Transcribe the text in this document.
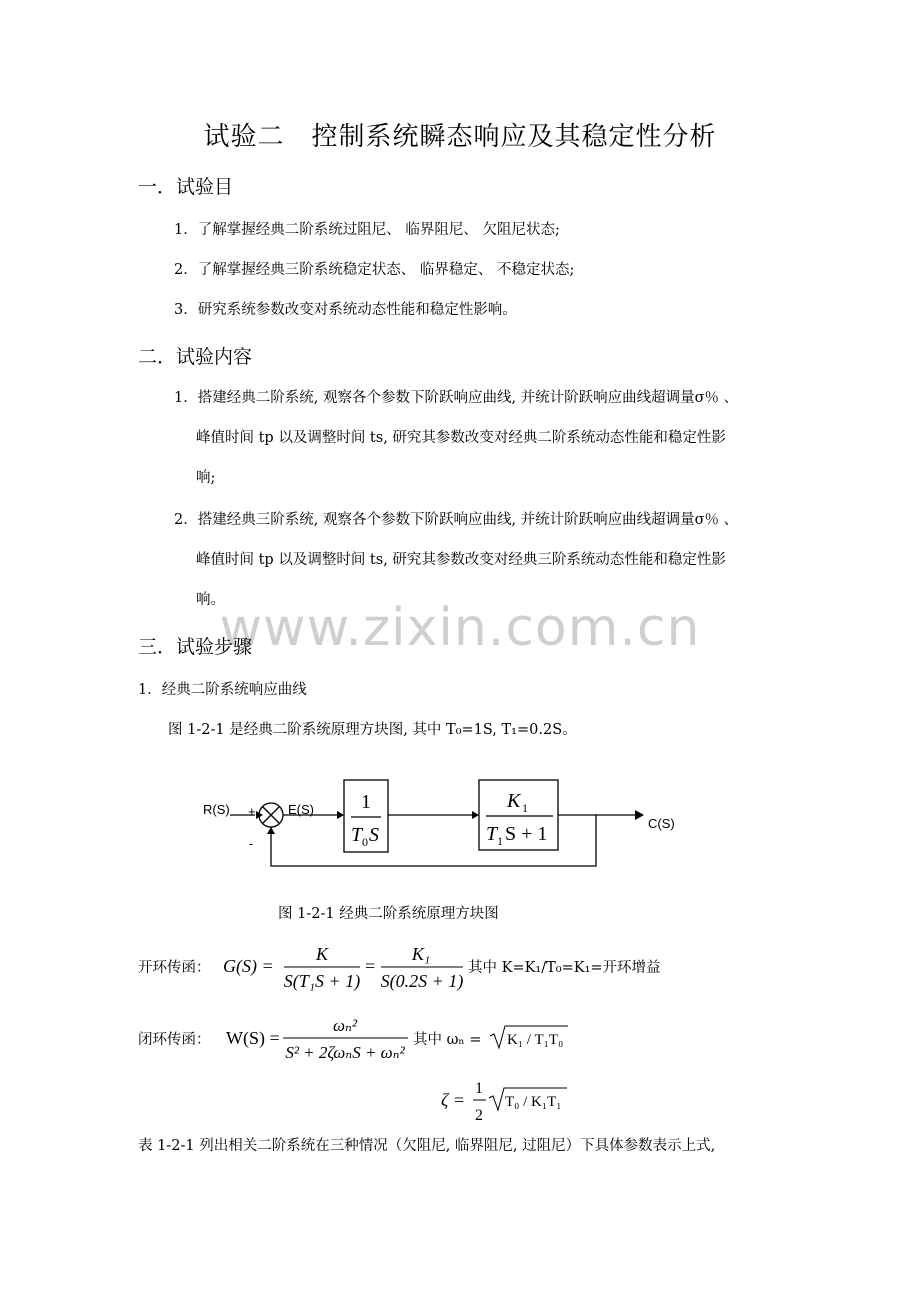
试验二　控制系统瞬态响应及其稳定性分析
一．试验目
1．了解掌握经典二阶系统过阻尼、 临界阻尼、 欠阻尼状态;
2．了解掌握经典三阶系统稳定状态、 临界稳定、 不稳定状态;
3．研究系统参数改变对系统动态性能和稳定性影响。
二．试验内容
1．搭建经典二阶系统, 观察各个参数下阶跃响应曲线, 并统计阶跃响应曲线超调量σ％ 、
峰值时间 tp 以及调整时间 ts, 研究其参数改变对经典二阶系统动态性能和稳定性影
响;
2．搭建经典三阶系统, 观察各个参数下阶跃响应曲线, 并统计阶跃响应曲线超调量σ％ 、
峰值时间 tp 以及调整时间 ts, 研究其参数改变对经典三阶系统动态性能和稳定性影
响。
www.zixin.com.cn
三．试验步骤
1．经典二阶系统响应曲线
图 1-2-1 是经典二阶系统原理方块图, 其中 T₀=1S, T₁=0.2S。
R(S) + E(S)
-
C(S)
1
T 0 S
K 1
T 1 S + 1
图 1-2-1 经典二阶系统原理方块图
开环传函： G(S) =
K
S(T₁S + 1)
=
K₁
S(0.2S + 1)
其中 K=K₁/T₀=K₁=开环增益
闭环传函： W(S) =
ωₙ²
S² + 2ζωₙS + ωₙ²
其中 ωₙ = K₁ / T₁T₀
ζ =
1
2
T₀ / K₁T₁
表 1-2-1 列出相关二阶系统在三种情况（欠阻尼, 临界阻尼, 过阻尼）下具体参数表示上式,
